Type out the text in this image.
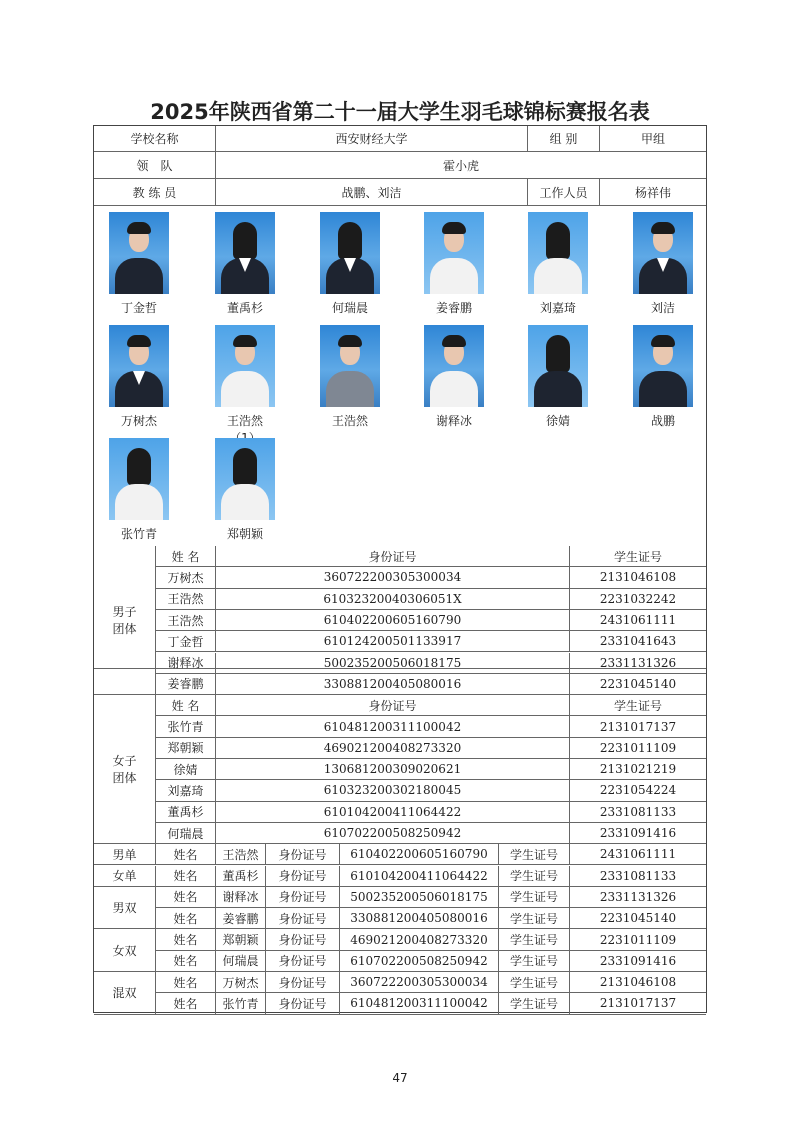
2025年陕西省第二十一届大学生羽毛球锦标赛报名表
学校名称	西安财经大学	组 别	甲组
领　队	霍小虎
教 练 员	战鹏、刘洁	工作人员	杨祥伟
丁金哲	董禹杉	何瑞晨	姜睿鹏	刘嘉琦	刘洁
万树杰	王浩然	王浩然	谢释冰	徐婧	战鹏
张竹青	郑朝颖
男子
团体
姓 名	身份证号	学生证号
万树杰	360722200305300034	2131046108
王浩然	61032320040306051X	2231032242
王浩然	610402200605160790	2431061111
丁金哲	610124200501133917	2331041643
谢释冰	500235200506018175	2331131326
姜睿鹏	330881200405080016	2231045140
女子
团体
姓 名	身份证号	学生证号
张竹青	610481200311100042	2131017137
郑朝颖	469021200408273320	2231011109
徐婧	130681200309020621	2131021219
刘嘉琦	610323200302180045	2231054224
董禹杉	610104200411064422	2331081133
何瑞晨	610702200508250942	2331091416
男单	姓名	王浩然	身份证号	610402200605160790	学生证号	2431061111
女单	姓名	董禹杉	身份证号	610104200411064422	学生证号	2331081133
男双
姓名	谢释冰	身份证号	500235200506018175	学生证号	2331131326
姓名	姜睿鹏	身份证号	330881200405080016	学生证号	2231045140
女双
姓名	郑朝颖	身份证号	469021200408273320	学生证号	2231011109
姓名	何瑞晨	身份证号	610702200508250942	学生证号	2331091416
混双
姓名	万树杰	身份证号	360722200305300034	学生证号	2131046108
姓名	张竹青	身份证号	610481200311100042	学生证号	2131017137
47
